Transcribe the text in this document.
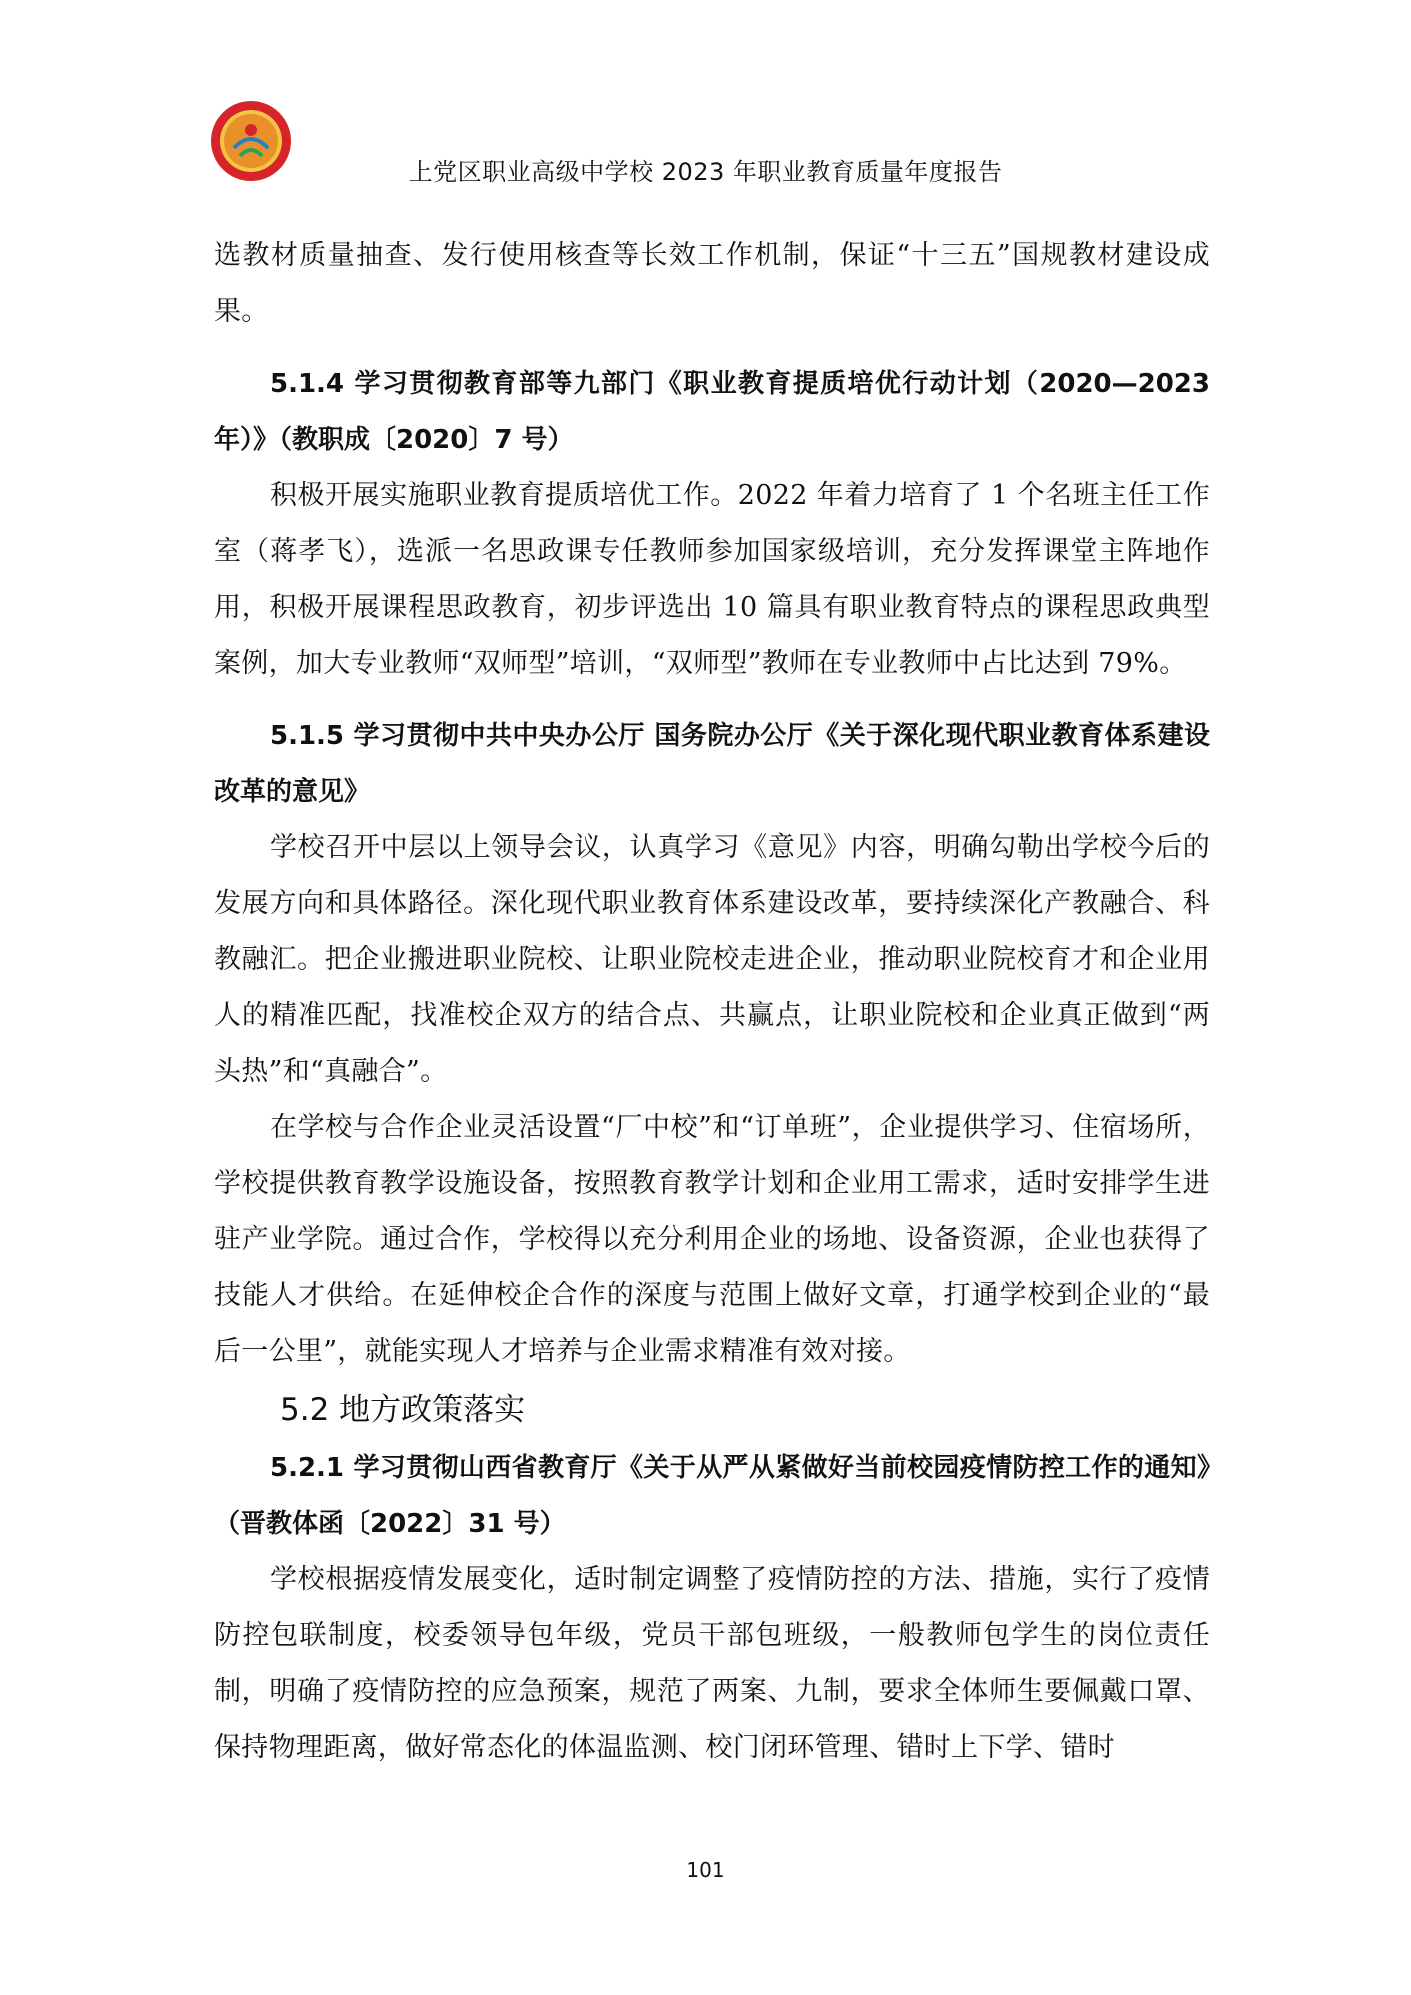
上党区职业高级中学校 2023 年职业教育质量年度报告

选教材质量抽查、发行使用核查等长效工作机制，保证“十三五”国规教材建设成果。

5.1.4 学习贯彻教育部等九部门《职业教育提质培优行动计划（2020—2023 年）》（教职成〔2020〕7 号）

积极开展实施职业教育提质培优工作。2022 年着力培育了 1 个名班主任工作室（蒋孝飞），选派一名思政课专任教师参加国家级培训，充分发挥课堂主阵地作用，积极开展课程思政教育，初步评选出 10 篇具有职业教育特点的课程思政典型案例，加大专业教师“双师型”培训，“双师型”教师在专业教师中占比达到 79%。

5.1.5 学习贯彻中共中央办公厅 国务院办公厅《关于深化现代职业教育体系建设改革的意见》

学校召开中层以上领导会议，认真学习《意见》内容，明确勾勒出学校今后的发展方向和具体路径。深化现代职业教育体系建设改革，要持续深化产教融合、科教融汇。把企业搬进职业院校、让职业院校走进企业，推动职业院校育才和企业用人的精准匹配，找准校企双方的结合点、共赢点，让职业院校和企业真正做到“两头热”和“真融合”。

在学校与合作企业灵活设置“厂中校”和“订单班”，企业提供学习、住宿场所，学校提供教育教学设施设备，按照教育教学计划和企业用工需求，适时安排学生进驻产业学院。通过合作，学校得以充分利用企业的场地、设备资源，企业也获得了技能人才供给。在延伸校企合作的深度与范围上做好文章，打通学校到企业的“最后一公里”，就能实现人才培养与企业需求精准有效对接。

5.2 地方政策落实

5.2.1 学习贯彻山西省教育厅《关于从严从紧做好当前校园疫情防控工作的通知》（晋教体函〔2022〕31 号）

学校根据疫情发展变化，适时制定调整了疫情防控的方法、措施，实行了疫情防控包联制度，校委领导包年级，党员干部包班级，一般教师包学生的岗位责任制，明确了疫情防控的应急预案，规范了两案、九制，要求全体师生要佩戴口罩、保持物理距离，做好常态化的体温监测、校门闭环管理、错时上下学、错时

101
